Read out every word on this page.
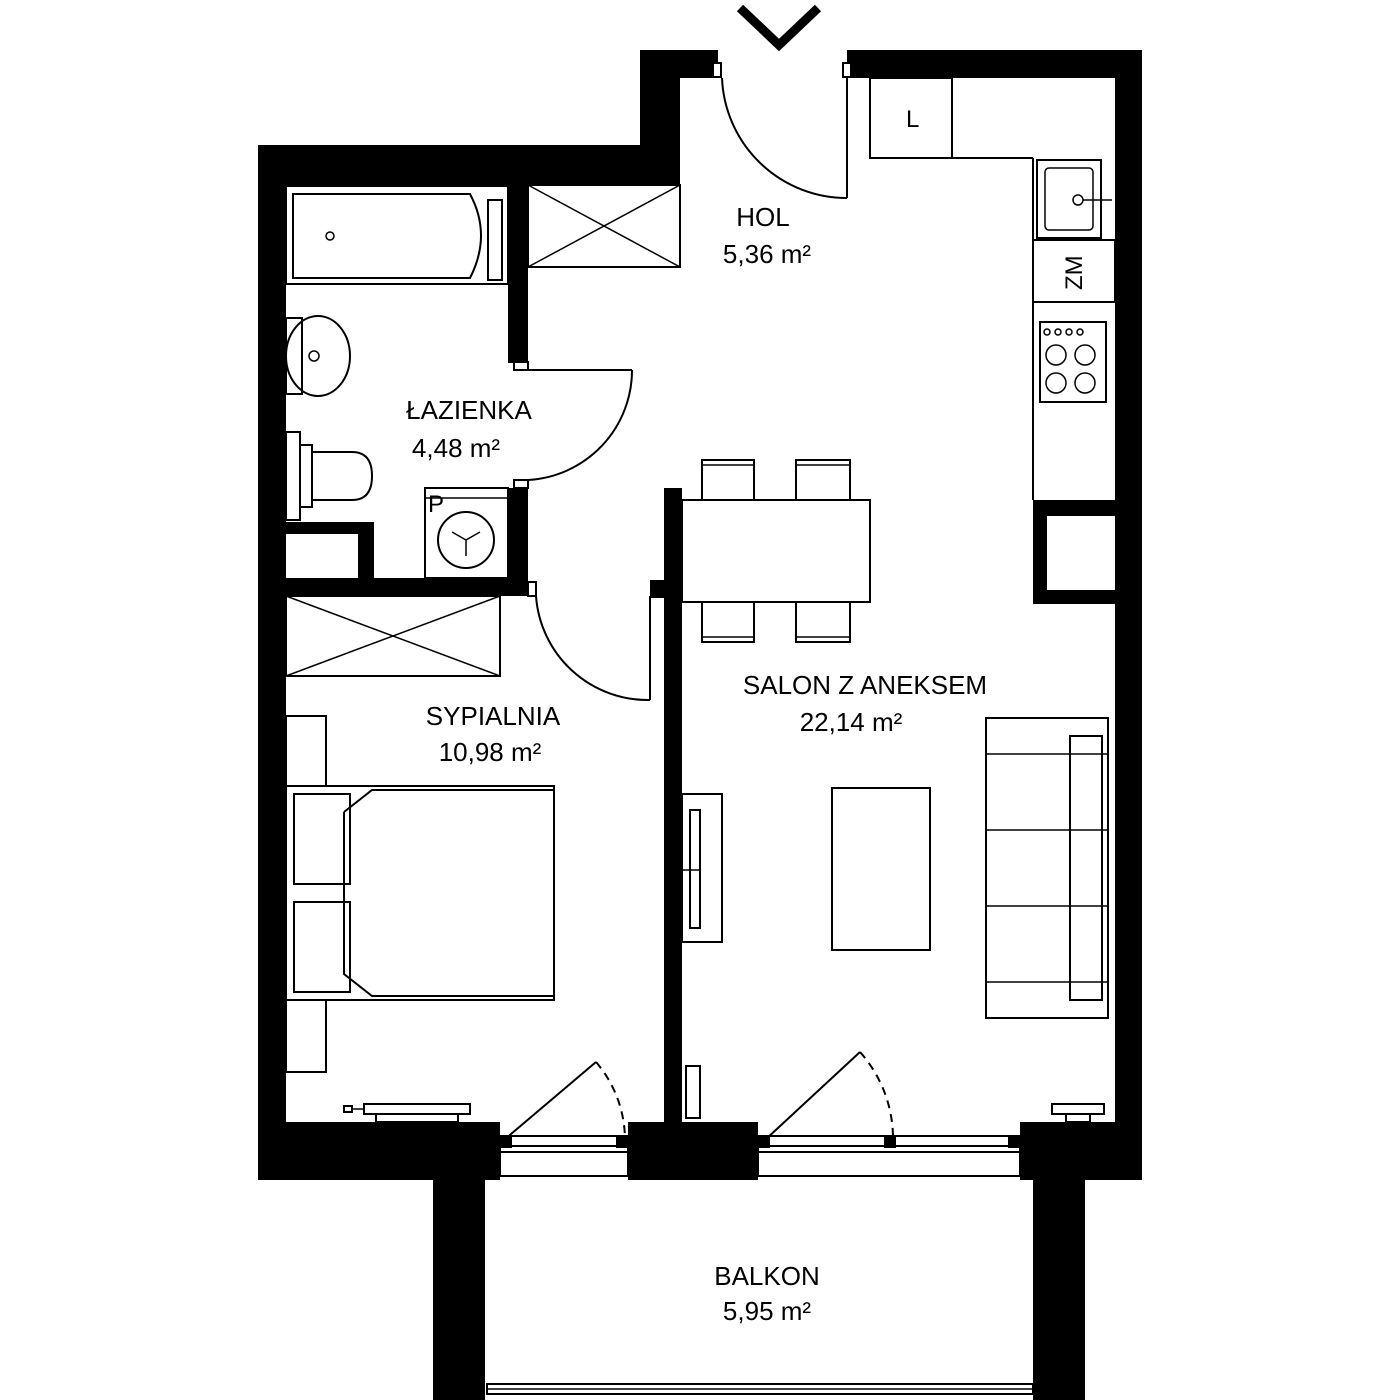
P
L
ZM
HOL
5,36 m²
ŁAZIENKA
4,48 m²
SYPIALNIA
10,98 m²
SALON Z ANEKSEM
22,14 m²
BALKON
5,95 m²
